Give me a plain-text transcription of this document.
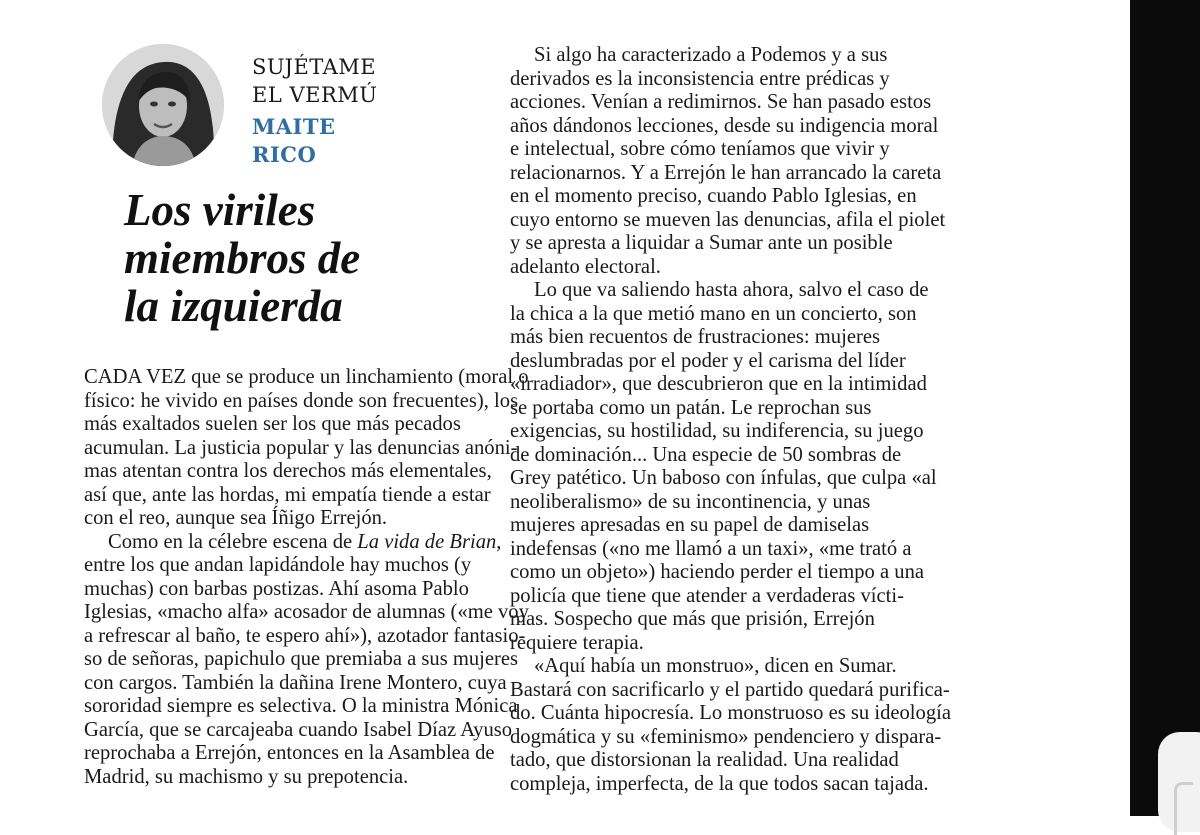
SUJÉTAME
EL VERMÚ
MAITE
RICO
Los viriles
miembros de
la izquierda
CADA VEZ que se produce un linchamiento (moral o
físico: he vivido en países donde son frecuentes), los
más exaltados suelen ser los que más pecados
acumulan. La justicia popular y las denuncias anóni-
mas atentan contra los derechos más elementales,
así que, ante las hordas, mi empatía tiende a estar
con el reo, aunque sea Íñigo Errejón.
Como en la célebre escena de La vida de Brian,
entre los que andan lapidándole hay muchos (y
muchas) con barbas postizas. Ahí asoma Pablo
Iglesias, «macho alfa» acosador de alumnas («me voy
a refrescar al baño, te espero ahí»), azotador fantasio-
so de señoras, papichulo que premiaba a sus mujeres
con cargos. También la dañina Irene Montero, cuya
sororidad siempre es selectiva. O la ministra Mónica
García, que se carcajeaba cuando Isabel Díaz Ayuso
reprochaba a Errejón, entonces en la Asamblea de
Madrid, su machismo y su prepotencia.
Si algo ha caracterizado a Podemos y a sus
derivados es la inconsistencia entre prédicas y
acciones. Venían a redimirnos. Se han pasado estos
años dándonos lecciones, desde su indigencia moral
e intelectual, sobre cómo teníamos que vivir y
relacionarnos. Y a Errejón le han arrancado la careta
en el momento preciso, cuando Pablo Iglesias, en
cuyo entorno se mueven las denuncias, afila el piolet
y se apresta a liquidar a Sumar ante un posible
adelanto electoral.
Lo que va saliendo hasta ahora, salvo el caso de
la chica a la que metió mano en un concierto, son
más bien recuentos de frustraciones: mujeres
deslumbradas por el poder y el carisma del líder
«irradiador», que descubrieron que en la intimidad
se portaba como un patán. Le reprochan sus
exigencias, su hostilidad, su indiferencia, su juego
de dominación... Una especie de 50 sombras de
Grey patético. Un baboso con ínfulas, que culpa «al
neoliberalismo» de su incontinencia, y unas
mujeres apresadas en su papel de damiselas
indefensas («no me llamó a un taxi», «me trató a
como un objeto») haciendo perder el tiempo a una
policía que tiene que atender a verdaderas vícti-
mas. Sospecho que más que prisión, Errejón
requiere terapia.
«Aquí había un monstruo», dicen en Sumar.
Bastará con sacrificarlo y el partido quedará purifica-
do. Cuánta hipocresía. Lo monstruoso es su ideología
dogmática y su «feminismo» pendenciero y dispara-
tado, que distorsionan la realidad. Una realidad
compleja, imperfecta, de la que todos sacan tajada.
